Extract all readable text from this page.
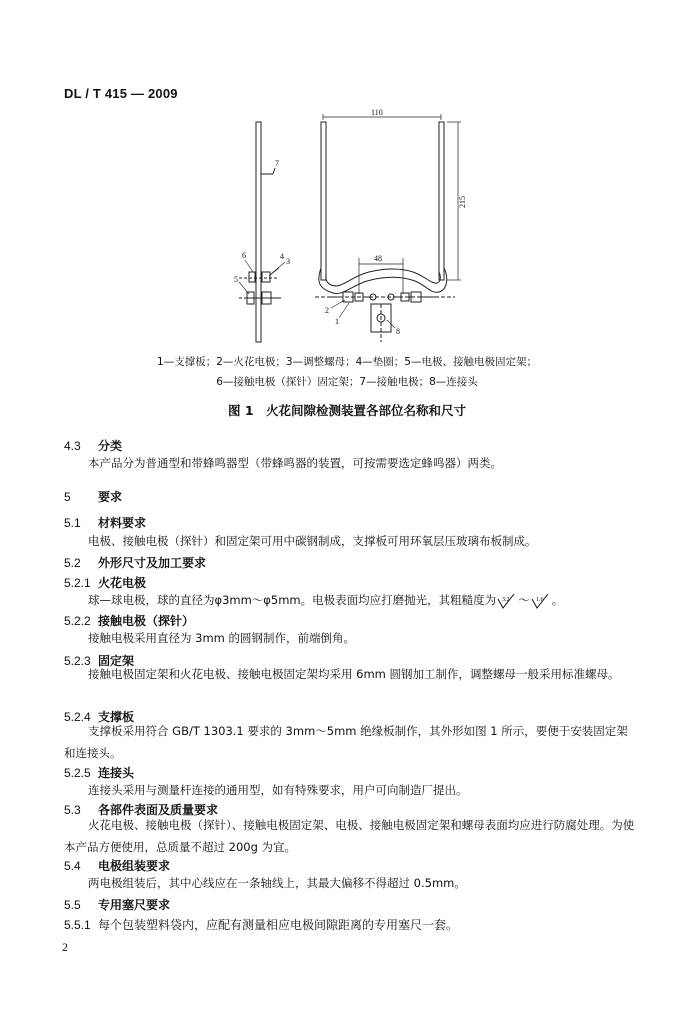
DL / T 415 — 2009
110
215
48
7
6	4
3
5
2
1
8
1—支撑板；2—火花电极；3—调整螺母；4—垫圈；5—电极、接触电极固定架；
6—接触电极（探针）固定架；7—接触电极；8—连接头
图 1　火花间隙检测装置各部位名称和尺寸
4.3 分类
本产品分为普通型和带蜂鸣器型（带蜂鸣器的装置，可按需要选定蜂鸣器）两类。
5 要求
5.1 材料要求
电极、接触电极（探针）和固定架可用中碳钢制成，支撑板可用环氧层压玻璃布板制成。
5.2 外形尺寸及加工要求
5.2.1 火花电极
球—球电极，球的直径为φ3mm～φ5mm。电极表面均应打磨抛光，其粗糙度为 3.2 ～ 1.6 。
5.2.2 接触电极（探针）
接触电极采用直径为 3mm 的圆钢制作，前端倒角。
5.2.3 固定架
接触电极固定架和火花电极、接触电极固定架均采用 6mm 圆钢加工制作，调整螺母一般采用标准螺母。
5.2.4 支撑板
支撑板采用符合 GB/T 1303.1 要求的 3mm～5mm 绝缘板制作，其外形如图 1 所示，要便于安装固定架和连接头。
5.2.5 连接头
连接头采用与测量杆连接的通用型，如有特殊要求，用户可向制造厂提出。
5.3 各部件表面及质量要求
火花电极、接触电极（探针）、接触电极固定架、电极、接触电极固定架和螺母表面均应进行防腐处理。为使本产品方便使用，总质量不超过 200g 为宜。
5.4 电极组装要求
两电极组装后，其中心线应在一条轴线上，其最大偏移不得超过 0.5mm。
5.5 专用塞尺要求
5.5.1 每个包装塑料袋内，应配有测量相应电极间隙距离的专用塞尺一套。
2
